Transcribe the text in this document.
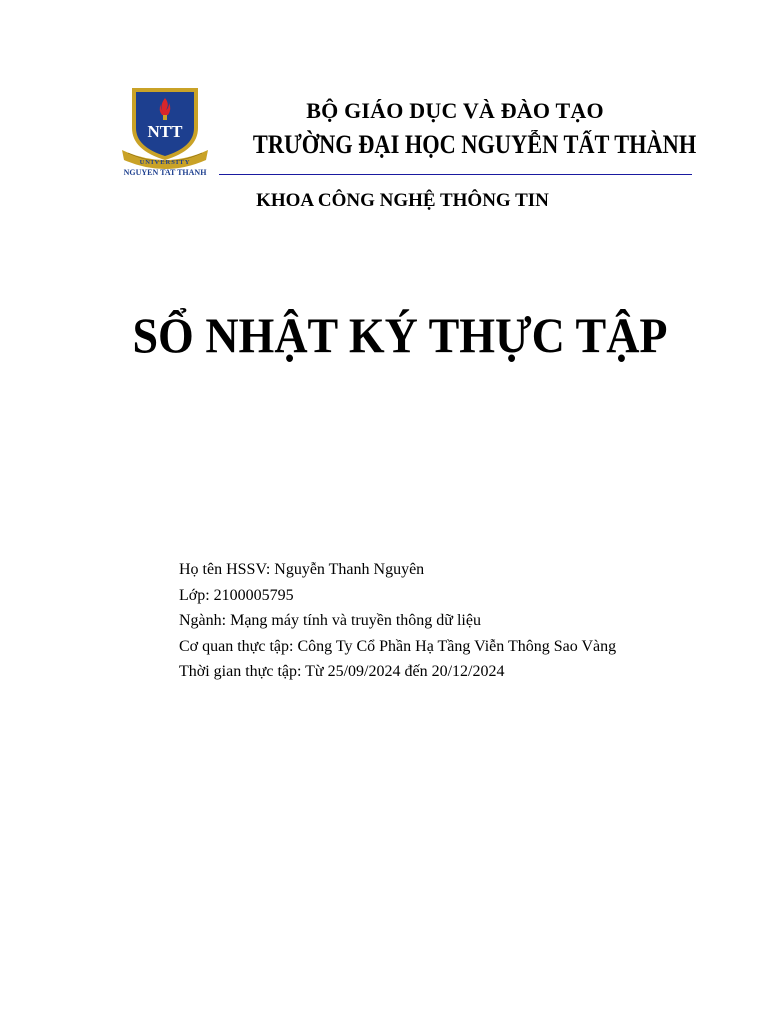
NTT
UNIVERSITY
NGUYEN TAT THANH
BỘ GIÁO DỤC VÀ ĐÀO TẠO
TRƯỜNG ĐẠI HỌC NGUYỄN TẤT THÀNH
KHOA CÔNG NGHỆ THÔNG TIN
SỔ NHẬT KÝ THỰC TẬP
Họ tên HSSV: Nguyễn Thanh Nguyên
Lớp: 2100005795
Ngành: Mạng máy tính và truyền thông dữ liệu
Cơ quan thực tập: Công Ty Cổ Phần Hạ Tầng Viễn Thông Sao Vàng
Thời gian thực tập: Từ 25/09/2024 đến 20/12/2024
